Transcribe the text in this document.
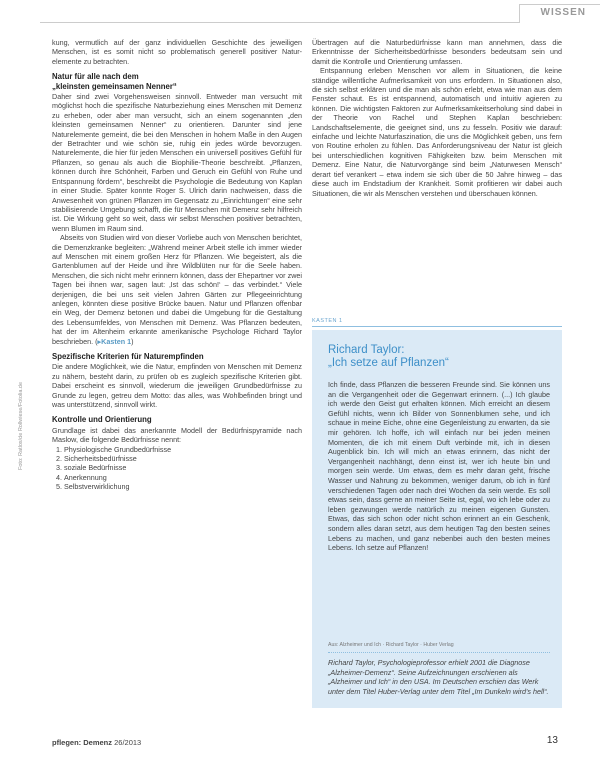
WISSEN

kung, vermutlich auf der ganz individuellen Geschichte des jeweiligen Menschen, ist es somit nicht so problematisch generell positiver Natur-elemente zu betrachten.

Natur für alle nach dem
„kleinsten gemeinsamen Nenner“

Daher sind zwei Vorgehensweisen sinnvoll. Entweder man versucht mit möglichst hoch die spezifische Naturbeziehung eines Menschen mit Demenz zu erheben, oder aber man versucht, sich an einem sogenannten „den kleinsten gemeinsamen Nenner“ zu orientieren. Darunter sind jene Naturelemente gemeint, die bei den Menschen in hohem Maße in den Augen der Betrachter und wie schön sie, ruhig ein jedes würde bevorzugen. Naturelemente, die hier für jeden Menschen ein universell positives Gefühl für Pflanzen, so genau als auch die Biophilie-Theorie beschreibt. „Pflanzen, können durch ihre Schönheit, Farben und Geruch ein Gefühl von Ruhe und Entspannung fördern“, beschreibt die Psychologie die Bedeutung von Kaplan in einer Studie. Später konnte Roger S. Ulrich darin nachweisen, dass die Anwesenheit von grünen Pflanzen im Gegensatz zu „Einrichtungen“ eine sehr stabilisierende Umgebung schafft, die für Menschen mit Demenz sehr hilfreich ist. Die Wirkung geht so weit, dass wir selbst Menschen positiver betrachten, wenn Blumen im Raum sind.

Abseits von Studien wird von dieser Vorliebe auch von Menschen berichtet, die Demenzkranke begleiten: „Während meiner Arbeit stelle ich immer wieder auf Menschen mit einem großen Herz für Pflanzen. Wie begeistert, als die Gartenblumen auf der Heide und ihre Wildblüten nur für die Seele haben. Menschen, die sich nicht mehr erinnern können, dass der Ehepartner vor zwei Tagen bei ihnen war, sagen laut: ‚Ist das schön!‘ – das verbindet.“ Viele derjenigen, die bei uns seit vielen Jahren Gärten zur Pflegeeinrichtung anlegen, könnten diese positive Brücke bauen. Natur und Pflanzen offenbar ein Weg, der Demenz betonen und dabei die Umgebung für die Gestaltung des Lebensumfeldes, von Menschen mit Demenz. Was Pflanzen bedeuten, hat der im Altenheim erkannte amerikanische Psychologe Richard Taylor beschrieben. (▸Kasten 1)

Spezifische Kriterien für Naturempfinden

Die andere Möglichkeit, wie die Natur, empfinden von Menschen mit Demenz zu nähern, besteht darin, zu prüfen ob es zugleich spezifische Kriterien gibt. Dabei erscheint es sinnvoll, wiederum die jeweiligen Grundbedürfnisse zu Grunde zu legen, getreu dem Motto: das alles, was Wohlbefinden bringt und was unterstützend, sinnvoll wirkt.

Kontrolle und Orientierung

Grundlage ist dabei das anerkannte Modell der Bedürfnispyramide nach Maslow, die folgende Bedürfnisse nennt:

1. Physiologische Grundbedürfnisse
2. Sicherheitsbedürfnisse
3. soziale Bedürfnisse
4. Anerkennung
5. Selbstverwirklichung

Übertragen auf die Naturbedürfnisse kann man annehmen, dass die Erkenntnisse der Sicherheitsbedürfnisse besonders bedeutsam sein und damit die Kontrolle und Orientierung umfassen.

Entspannung erleben Menschen vor allem in Situationen, die keine ständige willentliche Aufmerksamkeit von uns erfordern. In Situationen also, die sich selbst erklären und die man als schön erlebt, etwa wie man aus dem Fenster schaut. Es ist entspannend, automatisch und intuitiv agieren zu können. Die wichtigsten Faktoren zur Aufmerksamkeitserholung sind dabei in der Theorie von Rachel und Stephen Kaplan beschrieben: Landschaftselemente, die geeignet sind, uns zu fesseln. Positiv wie darauf: einfache und leichte Naturfaszination, die uns die Möglichkeit geben, uns fern von Routine erholen zu fühlen. Das Anforderungsniveau der Natur ist gleich bei unterschiedlichen kognitiven Fähigkeiten bzw. beim Menschen mit Demenz. Eine Natur, die Naturvorgänge sind beim „Naturwesen Mensch“ derart tief verankert – etwa indem sie sich über die 50 Jahre hinweg – das diese auch im Endstadium der Krankheit. Somit profitieren wir dabei auch Situationen, die wir als Menschen verstehen und überschauen können.

Foto: Ratlos/de Rollwiese/Fotolia.de
KASTEN 1
Richard Taylor:
„Ich setze auf Pflanzen“
Ich finde, dass Pflanzen die besseren Freunde sind. Sie können uns an die Vergangenheit oder die Gegenwart erinnern. (...) Ich glaube ich werde den Geist gut erhalten können. Mich erreicht an diesem Gefühl nichts, wenn ich Bilder von Sonnenblumen sehe, und ich schaue in meine Eiche, ohne eine Gegenleistung zu erwarten, da sie mir gehören. Ich hoffe, ich will einfach nur bei jeden meinen Momenten, die ich mit einem Duft verbinde mit, ich in diesen Augenblick bin. Ich will mich an etwas erinnern, das nicht der Vergangenheit nachhängt, denn einst ist, wer ich heute bin und morgen sein werde. Um etwas, dem es mehr daran geht, frische Wasser und Nahrung zu bekommen, weniger darum, ob ich in fünf verschiedenen Tagen oder nach drei Wochen da sein werde. Es soll etwas sein, dass gerne an meiner Seite ist, egal, wo ich lebe oder zu leben gezwungen werde natürlich zu meinen eigenen Gunsten. Etwas, das sich schon oder nicht schon erinnert an ein Geschenk, sondern alles daran setzt, aus dem heutigen Tag den besten seines Lebens zu machen, und ganz nebenbei auch den besten meines Lebens. Ich setze auf Pflanzen!
Aus: Alzheimer und Ich · Richard Taylor · Huber Verlag
Richard Taylor, Psychologieprofessor erhielt 2001 die Diagnose „Alzheimer-Demenz“. Seine Aufzeichnungen erschienen als „Alzheimer und Ich“ in den USA. Im Deutschen erschien das Werk unter dem Titel Huber-Verlag unter dem Titel „Im Dunkeln wird's hell“.
pflegen: Demenz 26/2013	13
